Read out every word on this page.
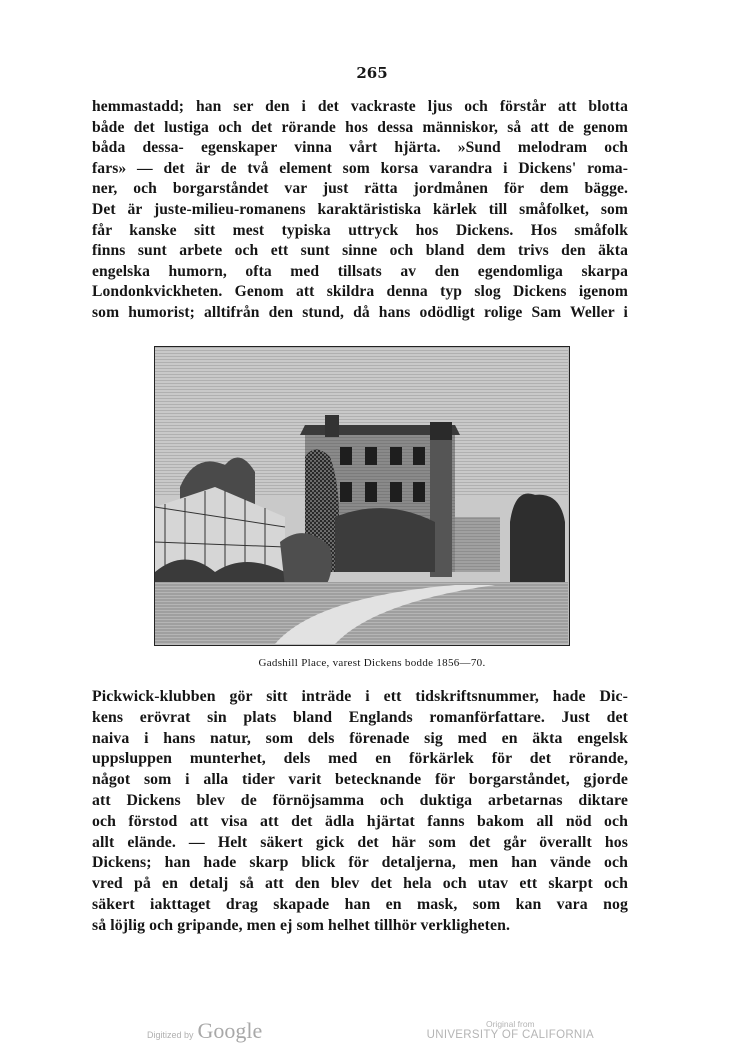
265
hemmastadd; han ser den i det vackraste ljus och förstår att blotta
både det lustiga och det rörande hos dessa människor, så att de genom
båda dessa- egenskaper vinna vårt hjärta. »Sund melodram och
fars» — det är de två element som korsa varandra i Dickens' roma-
ner, och borgarståndet var just rätta jordmånen för dem bägge.
Det är juste-milieu-romanens karaktäristiska kärlek till småfolket, som
får kanske sitt mest typiska uttryck hos Dickens. Hos småfolk
finns sunt arbete och ett sunt sinne och bland dem trivs den äkta
engelska humorn, ofta med tillsats av den egendomliga skarpa
Londonkvickheten. Genom att skildra denna typ slog Dickens igenom
som humorist; alltifrån den stund, då hans odödligt rolige Sam Weller i
Gadshill Place, varest Dickens bodde 1856—70.
Pickwick-klubben gör sitt inträde i ett tidskriftsnummer, hade Dic-
kens erövrat sin plats bland Englands romanförfattare. Just det
naiva i hans natur, som dels förenade sig med en äkta engelsk
uppsluppen munterhet, dels med en förkärlek för det rörande,
något som i alla tider varit betecknande för borgarståndet, gjorde
att Dickens blev de förnöjsamma och duktiga arbetarnas diktare
och förstod att visa att det ädla hjärtat fanns bakom all nöd och
allt elände. — Helt säkert gick det här som det går överallt hos
Dickens; han hade skarp blick för detaljerna, men han vände och
vred på en detalj så att den blev det hela och utav ett skarpt och
säkert iakttaget drag skapade han en mask, som kan vara nog
så löjlig och gripande, men ej som helhet tillhör verkligheten.
Digitized by Google	Original from
UNIVERSITY OF CALIFORNIA
